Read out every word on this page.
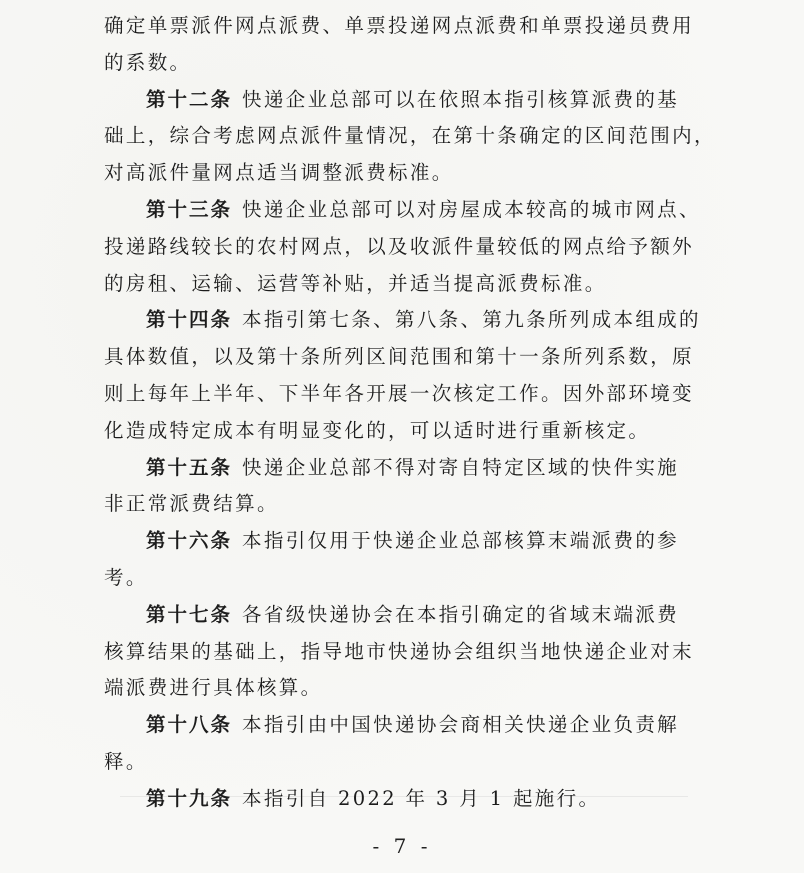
确定单票派件网点派费、单票投递网点派费和单票投递员费用
的系数。
第十二条 快递企业总部可以在依照本指引核算派费的基
础上，综合考虑网点派件量情况，在第十条确定的区间范围内，
对高派件量网点适当调整派费标准。
第十三条 快递企业总部可以对房屋成本较高的城市网点、
投递路线较长的农村网点，以及收派件量较低的网点给予额外
的房租、运输、运营等补贴，并适当提高派费标准。
第十四条 本指引第七条、第八条、第九条所列成本组成的
具体数值，以及第十条所列区间范围和第十一条所列系数，原
则上每年上半年、下半年各开展一次核定工作。因外部环境变
化造成特定成本有明显变化的，可以适时进行重新核定。
第十五条 快递企业总部不得对寄自特定区域的快件实施
非正常派费结算。
第十六条 本指引仅用于快递企业总部核算末端派费的参
考。
第十七条 各省级快递协会在本指引确定的省域末端派费
核算结果的基础上，指导地市快递协会组织当地快递企业对末
端派费进行具体核算。
第十八条 本指引由中国快递协会商相关快递企业负责解
释。
第十九条 本指引自 2022 年 3 月 1 起施行。
- 7 -
